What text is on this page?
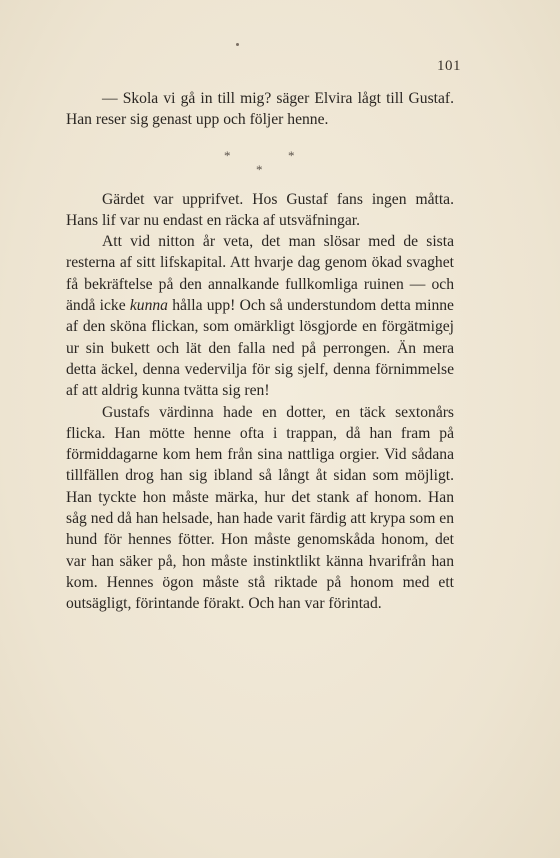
101

— Skola vi gå in till mig? säger Elvira lågt till Gustaf. Han reser sig genast upp och följer henne.

*	*
*

Gärdet var upprifvet. Hos Gustaf fans ingen måtta. Hans lif var nu endast en räcka af utsväfningar.

Att vid nitton år veta, det man slösar med de sista resterna af sitt lifskapital. Att hvarje dag genom ökad svaghet få bekräftelse på den annalkande fullkomliga ruinen — och ändå icke kunna hålla upp! Och så understundom detta minne af den sköna flickan, som omärkligt lösgjorde en förgätmigej ur sin bukett och lät den falla ned på perrongen. Än mera detta äckel, denna vedervilja för sig sjelf, denna förnimmelse af att aldrig kunna tvätta sig ren!

Gustafs värdinna hade en dotter, en täck sextonårs flicka. Han mötte henne ofta i trappan, då han fram på förmiddagarne kom hem från sina nattliga orgier. Vid sådana tillfällen drog han sig ibland så långt åt sidan som möjligt. Han tyckte hon måste märka, hur det stank af honom. Han såg ned då han helsade, han hade varit färdig att krypa som en hund för hennes fötter. Hon måste genomskåda honom, det var han säker på, hon måste instinktlikt känna hvarifrån han kom. Hennes ögon måste stå riktade på honom med ett outsägligt, förintande förakt. Och han var förintad.
